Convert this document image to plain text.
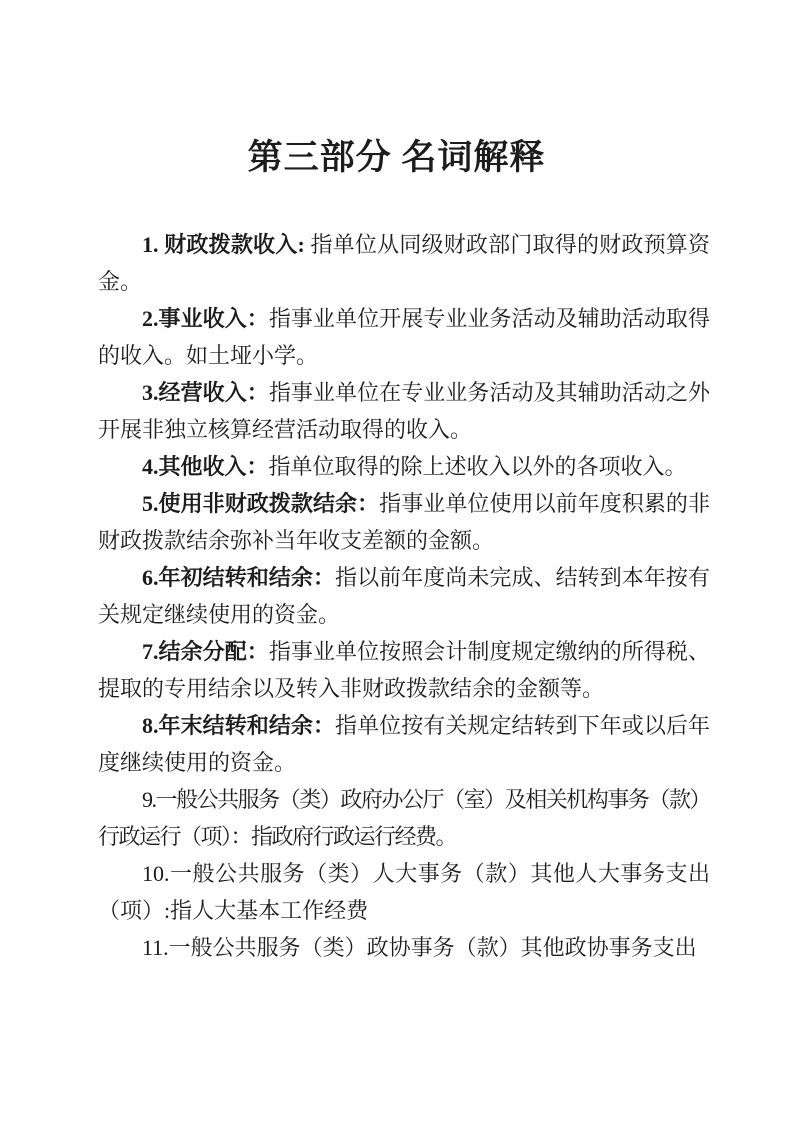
第三部分 名词解释

1. 财政拨款收入: 指单位从同级财政部门取得的财政预算资金。

2.事业收入：指事业单位开展专业业务活动及辅助活动取得的收入。如土垭小学。

3.经营收入：指事业单位在专业业务活动及其辅助活动之外开展非独立核算经营活动取得的收入。

4.其他收入：指单位取得的除上述收入以外的各项收入。

5.使用非财政拨款结余：指事业单位使用以前年度积累的非财政拨款结余弥补当年收支差额的金额。

6.年初结转和结余：指以前年度尚未完成、结转到本年按有关规定继续使用的资金。

7.结余分配：指事业单位按照会计制度规定缴纳的所得税、提取的专用结余以及转入非财政拨款结余的金额等。

8.年末结转和结余：指单位按有关规定结转到下年或以后年度继续使用的资金。

9.一般公共服务（类）政府办公厅（室）及相关机构事务（款）行政运行（项）：指政府行政运行经费。

10.一般公共服务（类）人大事务（款）其他人大事务支出（项）:指人大基本工作经费

11.一般公共服务（类）政协事务（款）其他政协事务支出
